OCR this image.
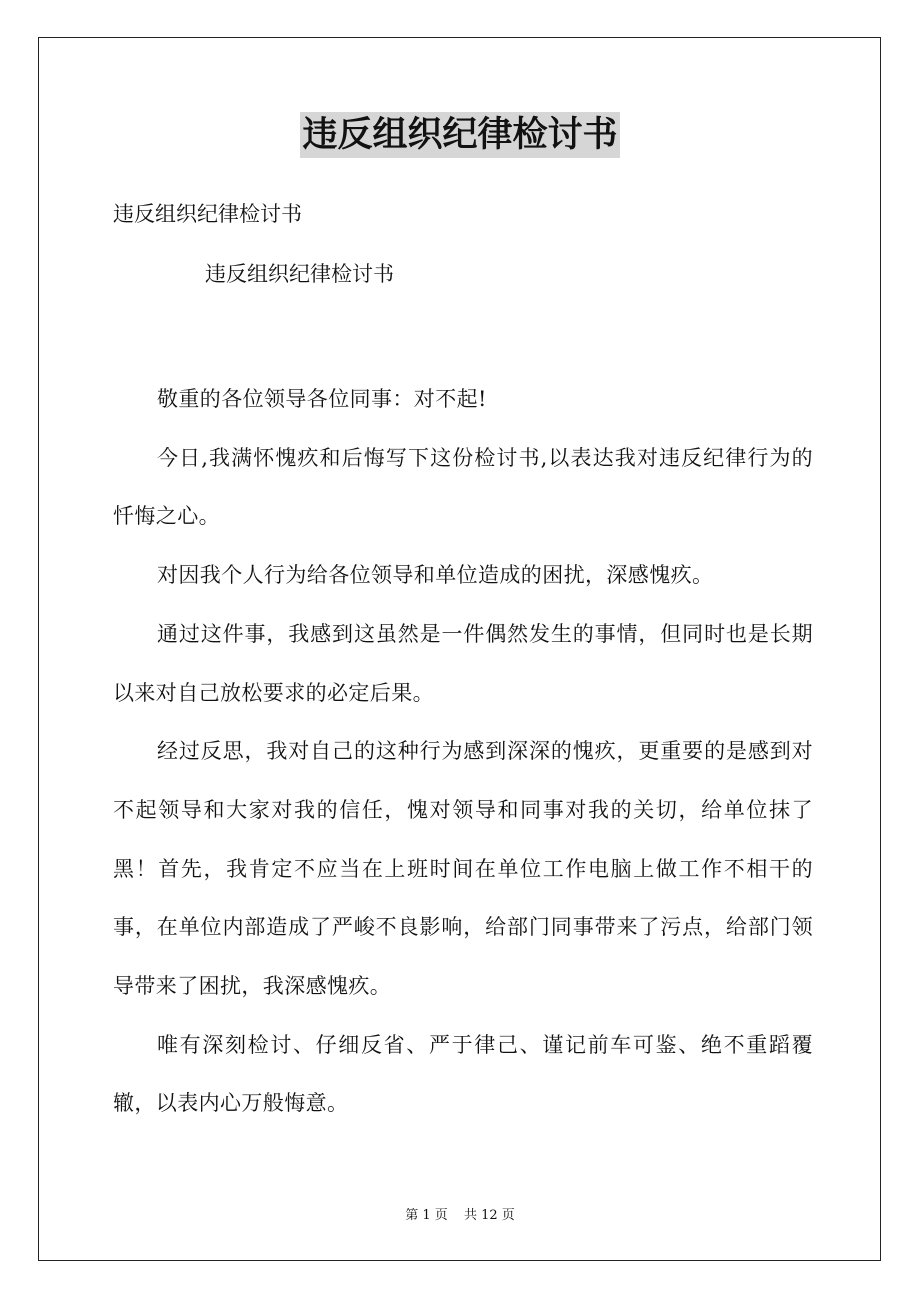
违反组织纪律检讨书
违反组织纪律检讨书
违反组织纪律检讨书

敬重的各位领导各位同事：对不起!

今日,我满怀愧疚和后悔写下这份检讨书,以表达我对违反纪律行为的忏悔之心。

对因我个人行为给各位领导和单位造成的困扰，深感愧疚。

通过这件事，我感到这虽然是一件偶然发生的事情，但同时也是长期以来对自己放松要求的必定后果。

经过反思，我对自己的这种行为感到深深的愧疚，更重要的是感到对不起领导和大家对我的信任，愧对领导和同事对我的关切，给单位抹了黑！首先，我肯定不应当在上班时间在单位工作电脑上做工作不相干的事，在单位内部造成了严峻不良影响，给部门同事带来了污点，给部门领导带来了困扰，我深感愧疚。

唯有深刻检讨、仔细反省、严于律己、谨记前车可鉴、绝不重蹈覆辙，以表内心万般悔意。

第 1 页 共 12 页
